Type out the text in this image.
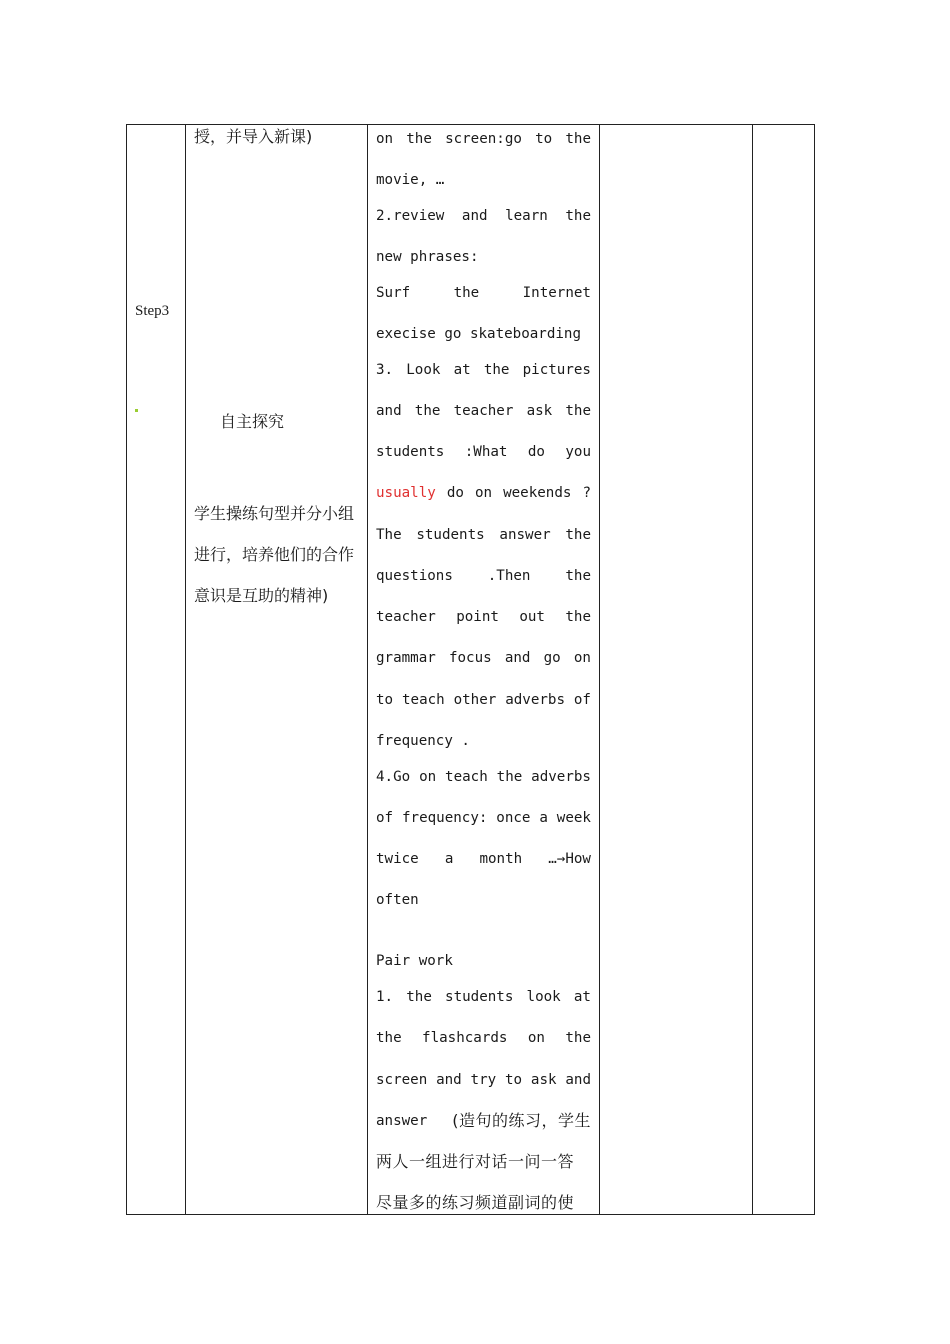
Step3
授，并导入新课)
自主探究
学生操练句型并分小组进行，培养他们的合作意识是互助的精神)
on the screen:go to the
movie, …
2.review and learn the
new phrases:
Surf	the	Internet
execise go skateboarding
3. Look at the pictures
and the teacher ask the
students :What do you
usually do on weekends ?
The students answer the
questions .Then the
teacher point out the
grammar focus and go on
to teach other adverbs of
frequency .
4.Go on teach the adverbs
of frequency: once a week
twice a month …→How
often
Pair work
1. the students look at
the flashcards on the
screen and try to ask and
answer (造句的练习，学生
两人一组进行对话一问一答
尽量多的练习频道副词的使
